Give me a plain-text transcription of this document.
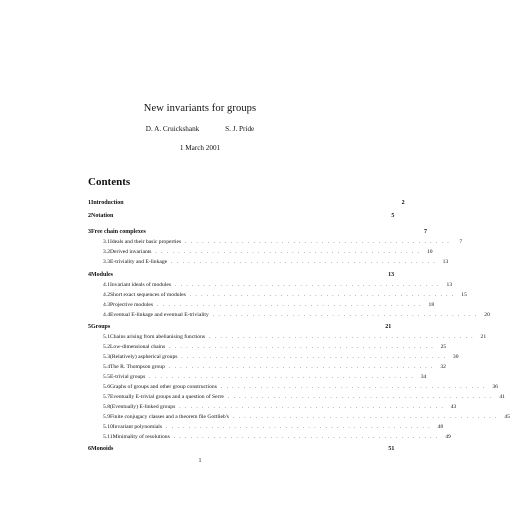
New invariants for groups
D. A. Cruickshank	S. J. Pride
1 March 2001
Contents
1 Introduction	2
2 Notation	5
3 Free chain complexes	7
3.1 Ideals and their basic properties . . . . . . . . . . . . . . . . . . . . . . . . . . . . . . . . . . . . . . . . . . . . . . .	7
3.2 Derived invariants . . . . . . . . . . . . . . . . . . . . . . . . . . . . . . . . . . . . . . . . . . . . . . .	10
3.3 E-triviality and E-linkage . . . . . . . . . . . . . . . . . . . . . . . . . . . . . . . . . . . . . . . . . . . . . . .	13
4 Modules	13
4.1 Invariant ideals of modules . . . . . . . . . . . . . . . . . . . . . . . . . . . . . . . . . . . . . . . . . . . . . . .	13
4.2 Short exact sequences of modules . . . . . . . . . . . . . . . . . . . . . . . . . . . . . . . . . . . . . . . . . . . . . . .	15
4.3 Projective modules . . . . . . . . . . . . . . . . . . . . . . . . . . . . . . . . . . . . . . . . . . . . . . .	18
4.4 Eventual E-linkage and eventual E-triviality . . . . . . . . . . . . . . . . . . . . . . . . . . . . . . . . . . . . . . . . . . . . . . .	20
5 Groups	21
5.1 Chains arising from abelianising functions . . . . . . . . . . . . . . . . . . . . . . . . . . . . . . . . . . . . . . . . . . . . . . .	21
5.2 Low-dimensional chains . . . . . . . . . . . . . . . . . . . . . . . . . . . . . . . . . . . . . . . . . . . . . . .	25
5.3 (Relatively) aspherical groups . . . . . . . . . . . . . . . . . . . . . . . . . . . . . . . . . . . . . . . . . . . . . . .	30
5.4 The R. Thompson group . . . . . . . . . . . . . . . . . . . . . . . . . . . . . . . . . . . . . . . . . . . . . . .	32
5.5 E-trivial groups . . . . . . . . . . . . . . . . . . . . . . . . . . . . . . . . . . . . . . . . . . . . . . .	34
5.6 Graphs of groups and other group constructions . . . . . . . . . . . . . . . . . . . . . . . . . . . . . . . . . . . . . . . . . . . . . . .	36
5.7 Eventually E-trivial groups and a question of Serre . . . . . . . . . . . . . . . . . . . . . . . . . . . . . . . . . . . . . . . . . . . . . . .	41
5.8 (Eventually) E-linked groups . . . . . . . . . . . . . . . . . . . . . . . . . . . . . . . . . . . . . . . . . . . . . . .	43
5.9 Finite conjugacy classes and a theorem ﬁle Gottlieb's . . . . . . . . . . . . . . . . . . . . . . . . . . . . . . . . . . . . . . . . . . . . . . .	45
5.10 Invariant polynomials . . . . . . . . . . . . . . . . . . . . . . . . . . . . . . . . . . . . . . . . . . . . . . .	48
5.11 Minimality of resolutions . . . . . . . . . . . . . . . . . . . . . . . . . . . . . . . . . . . . . . . . . . . . . . .	49
6 Monoids	51
1
